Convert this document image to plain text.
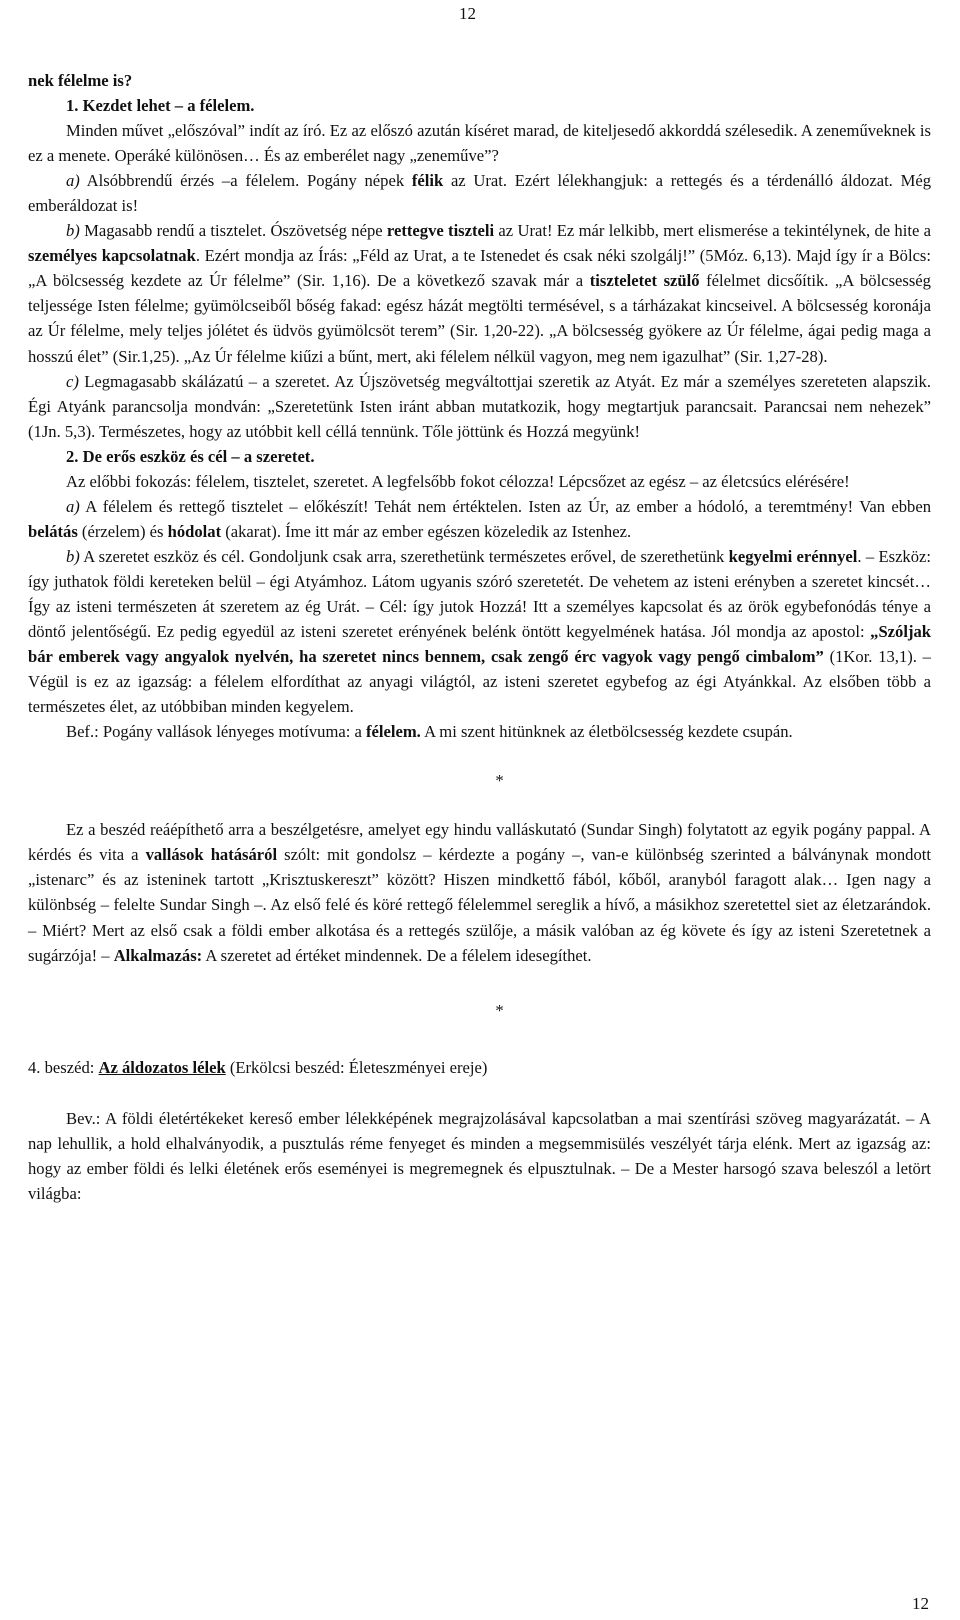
12

nek félelme is?

1. Kezdet lehet – a félelem.

Minden művet „előszóval” indít az író. Ez az előszó azután kíséret marad, de kiteljesedő akkorddá szélesedik. A zeneműveknek is ez a menete. Operáké különösen… És az emberélet nagy „zeneműve”?

a) Alsóbbrendű érzés –a félelem. Pogány népek félik az Urat. Ezért lélekhangjuk: a rettegés és a térdenálló áldozat. Még emberáldozat is!

b) Magasabb rendű a tisztelet. Ószövetség népe rettegve tiszteli az Urat! Ez már lelkibb, mert elismerése a tekintélynek, de hite a személyes kapcsolatnak. Ezért mondja az Írás: „Féld az Urat, a te Istenedet és csak néki szolgálj!” (5Móz. 6,13). Majd így ír a Bölcs: „A bölcsesség kezdete az Úr félelme” (Sir. 1,16). De a következő szavak már a tiszteletet szülő félelmet dicsőítik. „A bölcsesség teljessége Isten félelme; gyümölcseiből bőség fakad: egész házát megtölti termésével, s a tárházakat kincseivel. A bölcsesség koronája az Úr félelme, mely teljes jólétet és üdvös gyümölcsöt terem” (Sir. 1,20-22). „A bölcsesség gyökere az Úr félelme, ágai pedig maga a hosszú élet” (Sir.1,25). „Az Úr félelme kiűzi a bűnt, mert, aki félelem nélkül vagyon, meg nem igazulhat” (Sir. 1,27-28).

c) Legmagasabb skálázatú – a szeretet. Az Újszövetség megváltottjai szeretik az Atyát. Ez már a személyes szereteten alapszik. Égi Atyánk parancsolja mondván: „Szeretetünk Isten iránt abban mutatkozik, hogy megtartjuk parancsait. Parancsai nem nehezek” (1Jn. 5,3). Természetes, hogy az utóbbit kell céllá tennünk. Tőle jöttünk és Hozzá megyünk!

2. De erős eszköz és cél – a szeretet.

Az előbbi fokozás: félelem, tisztelet, szeretet. A legfelsőbb fokot célozza! Lépcsőzet az egész – az életcsúcs elérésére!

a) A félelem és rettegő tisztelet – előkészít! Tehát nem értéktelen. Isten az Úr, az ember a hódoló, a teremtmény! Van ebben belátás (érzelem) és hódolat (akarat). Íme itt már az ember egészen közeledik az Istenhez.

b) A szeretet eszköz és cél. Gondoljunk csak arra, szerethetünk természetes erővel, de szerethetünk kegyelmi erénnyel. – Eszköz: így juthatok földi kereteken belül – égi Atyámhoz. Látom ugyanis szóró szeretetét. De vehetem az isteni erényben a szeretet kincsét… Így az isteni természeten át szeretem az ég Urát. – Cél: így jutok Hozzá! Itt a személyes kapcsolat és az örök egybefonódás ténye a döntő jelentőségű. Ez pedig egyedül az isteni szeretet erényének belénk öntött kegyelmének hatása. Jól mondja az apostol: „Szóljak bár emberek vagy angyalok nyelvén, ha szeretet nincs bennem, csak zengő érc vagyok vagy pengő cimbalom” (1Kor. 13,1). – Végül is ez az igazság: a félelem elfordíthat az anyagi világtól, az isteni szeretet egybefog az égi Atyánkkal. Az elsőben több a természetes élet, az utóbbiban minden kegyelem.

Bef.: Pogány vallások lényeges motívuma: a félelem. A mi szent hitünknek az életbölcsesség kezdete csupán.

*

Ez a beszéd reáépíthető arra a beszélgetésre, amelyet egy hindu valláskutató (Sundar Singh) folytatott az egyik pogány pappal. A kérdés és vita a vallások hatásáról szólt: mit gondolsz – kérdezte a pogány –, van-e különbség szerinted a bálványnak mondott „istenarc” és az isteninek tartott „Krisztuskereszt” között? Hiszen mindkettő fából, kőből, aranyból faragott alak… Igen nagy a különbség – felelte Sundar Singh –. Az első felé és köré rettegő félelemmel sereglik a hívő, a másikhoz szeretettel siet az életzarándok. – Miért? Mert az első csak a földi ember alkotása és a rettegés szülője, a másik valóban az ég követe és így az isteni Szeretetnek a sugárzója! – Alkalmazás: A szeretet ad értéket mindennek. De a félelem idesegíthet.

*

4. beszéd: Az áldozatos lélek (Erkölcsi beszéd: Életeszményei ereje)

Bev.: A földi életértékeket kereső ember lélekképének megrajzolásával kapcsolatban a mai szentírási szöveg magyarázatát. – A nap lehullik, a hold elhalványodik, a pusztulás réme fenyeget és minden a megsemmisülés veszélyét tárja elénk. Mert az igazság az: hogy az ember földi és lelki életének erős eseményei is megremegnek és elpusztulnak. – De a Mester harsogó szava beleszól a letört világba:

12
